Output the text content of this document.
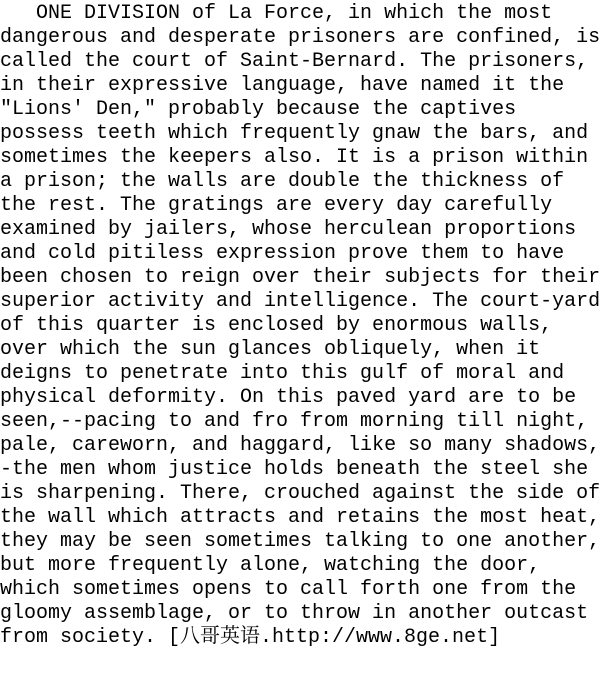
ONE DIVISION of La Force, in which the most
dangerous and desperate prisoners are confined, is
called the court of Saint-Bernard. The prisoners,
in their expressive language, have named it the
"Lions' Den," probably because the captives
possess teeth which frequently gnaw the bars, and
sometimes the keepers also. It is a prison within
a prison; the walls are double the thickness of
the rest. The gratings are every day carefully
examined by jailers, whose herculean proportions
and cold pitiless expression prove them to have
been chosen to reign over their subjects for their
superior activity and intelligence. The court-yard
of this quarter is enclosed by enormous walls,
over which the sun glances obliquely, when it
deigns to penetrate into this gulf of moral and
physical deformity. On this paved yard are to be
seen,--pacing to and fro from morning till night,
pale, careworn, and haggard, like so many shadows,
-the men whom justice holds beneath the steel she
is sharpening. There, crouched against the side of
the wall which attracts and retains the most heat,
they may be seen sometimes talking to one another,
but more frequently alone, watching the door,
which sometimes opens to call forth one from the
gloomy assemblage, or to throw in another outcast
from society. [八哥英语.http://www.8ge.net]
